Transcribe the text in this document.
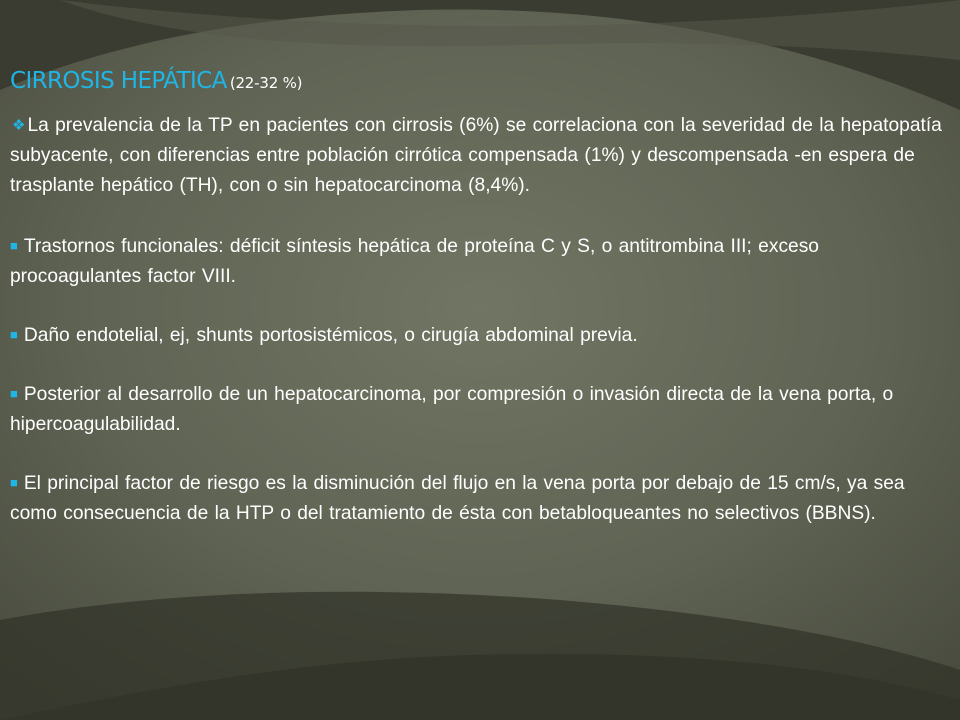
CIRROSIS HEPÁTICA (22-32 %)

❖ La prevalencia de la TP en pacientes con cirrosis (6%) se correlaciona con la severidad de la hepatopatía subyacente, con diferencias entre población cirrótica compensada (1%) y descompensada -en espera de trasplante hepático (TH), con o sin hepatocarcinoma (8,4%).

■ Trastornos funcionales: déficit síntesis hepática de proteína C y S, o antitrombina III; exceso procoagulantes factor VIII.

■ Daño endotelial, ej, shunts portosistémicos, o cirugía abdominal previa.

■ Posterior al desarrollo de un hepatocarcinoma, por compresión o invasión directa de la vena porta, o hipercoagulabilidad.

■ El principal factor de riesgo es la disminución del flujo en la vena porta por debajo de 15 cm/s, ya sea como consecuencia de la HTP o del tratamiento de ésta con betabloqueantes no selectivos (BBNS).
